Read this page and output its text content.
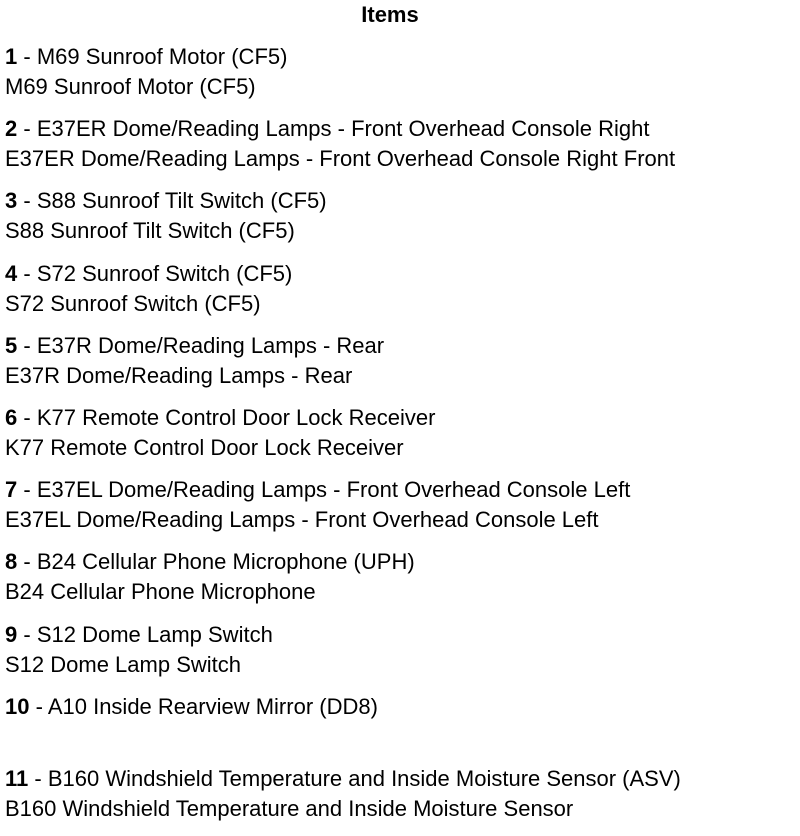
Items
1 - M69 Sunroof Motor (CF5)
M69 Sunroof Motor (CF5)
2 - E37ER Dome/Reading Lamps - Front Overhead Console Right
E37ER Dome/Reading Lamps - Front Overhead Console Right Front
3 - S88 Sunroof Tilt Switch (CF5)
S88 Sunroof Tilt Switch (CF5)
4 - S72 Sunroof Switch (CF5)
S72 Sunroof Switch (CF5)
5 - E37R Dome/Reading Lamps - Rear
E37R Dome/Reading Lamps - Rear
6 - K77 Remote Control Door Lock Receiver
K77 Remote Control Door Lock Receiver
7 - E37EL Dome/Reading Lamps - Front Overhead Console Left
E37EL Dome/Reading Lamps - Front Overhead Console Left
8 - B24 Cellular Phone Microphone (UPH)
B24 Cellular Phone Microphone
9 - S12 Dome Lamp Switch
S12 Dome Lamp Switch
10 - A10 Inside Rearview Mirror (DD8)
11 - B160 Windshield Temperature and Inside Moisture Sensor (ASV)
B160 Windshield Temperature and Inside Moisture Sensor
